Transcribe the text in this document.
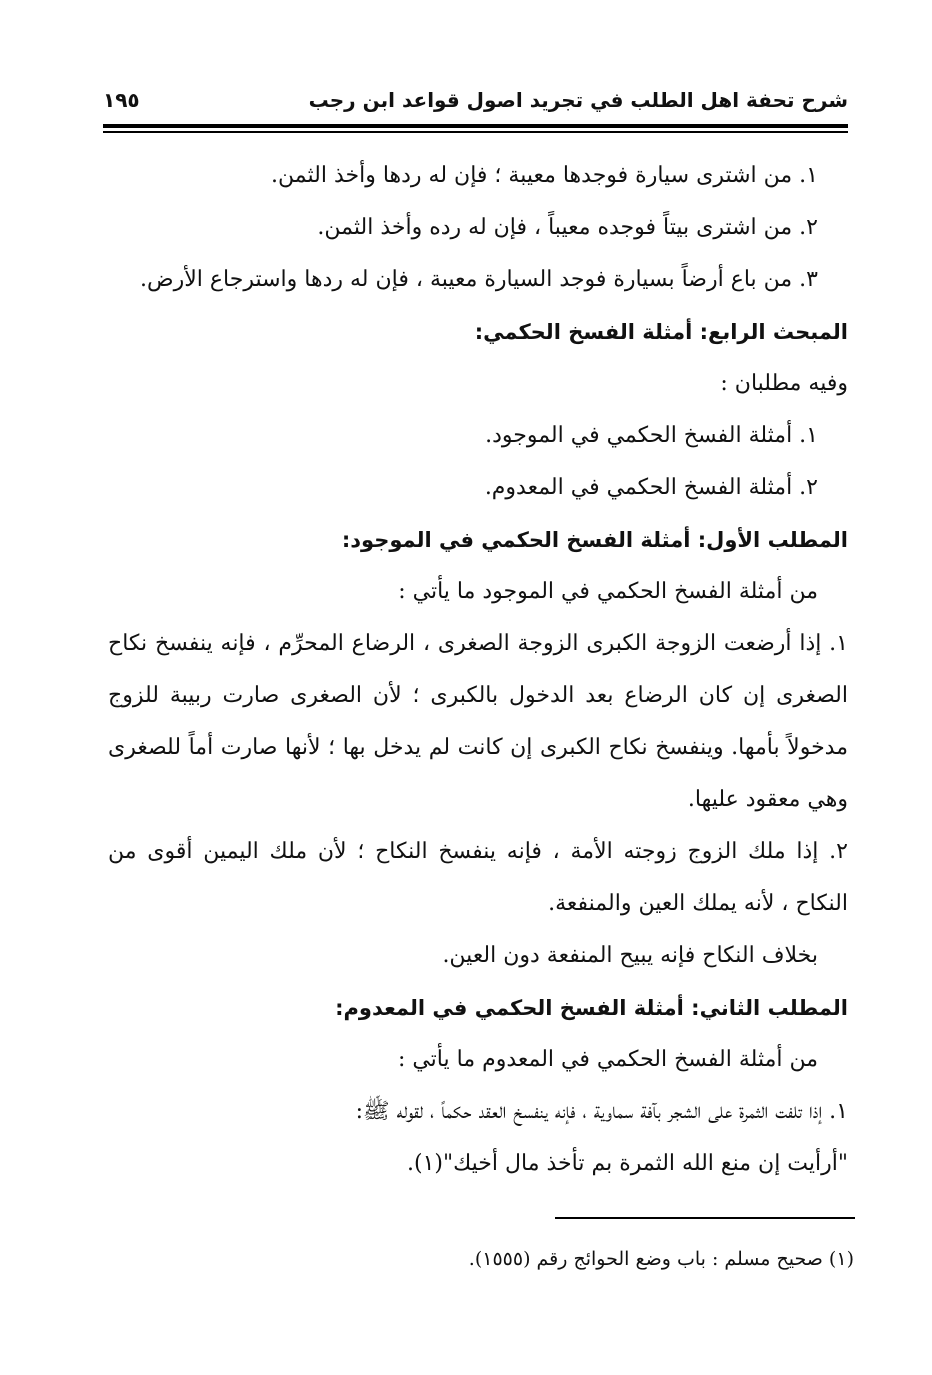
شرح تحفة اهل الطلب في تجريد اصول قواعد ابن رجب
١٩٥
١. من اشترى سيارة فوجدها معيبة ؛ فإن له ردها وأخذ الثمن.
٢. من اشترى بيتاً فوجده معيباً ، فإن له رده وأخذ الثمن.
٣. من باع أرضاً بسيارة فوجد السيارة معيبة ، فإن له ردها واسترجاع الأرض.
المبحث الرابع: أمثلة الفسخ الحكمي:
وفيه مطلبان :
١. أمثلة الفسخ الحكمي في الموجود.
٢. أمثلة الفسخ الحكمي في المعدوم.
المطلب الأول: أمثلة الفسخ الحكمي في الموجود:
من أمثلة الفسخ الحكمي في الموجود ما يأتي :
١. إذا أرضعت الزوجة الكبرى الزوجة الصغرى ، الرضاع المحرِّم ، فإنه ينفسخ نكاح الصغرى إن كان الرضاع بعد الدخول بالكبرى ؛ لأن الصغرى صارت ربيبة للزوج مدخولاً بأمها. وينفسخ نكاح الكبرى إن كانت لم يدخل بها ؛ لأنها صارت أماً للصغرى وهي معقود عليها.
٢. إذا ملك الزوج زوجته الأمة ، فإنه ينفسخ النكاح ؛ لأن ملك اليمين أقوى من النكاح ، لأنه يملك العين والمنفعة.
بخلاف النكاح فإنه يبيح المنفعة دون العين.
المطلب الثاني: أمثلة الفسخ الحكمي في المعدوم:
من أمثلة الفسخ الحكمي في المعدوم ما يأتي :
١. إذا تلفت الثمرة على الشجر بآفة سماوية ، فإنه ينفسخ العقد حكماً ، لقوله ﷺ:
"أرأيت إن منع الله الثمرة بم تأخذ مال أخيك"(١).
(١) صحيح مسلم : باب وضع الحوائج رقم (١٥٥٥).
